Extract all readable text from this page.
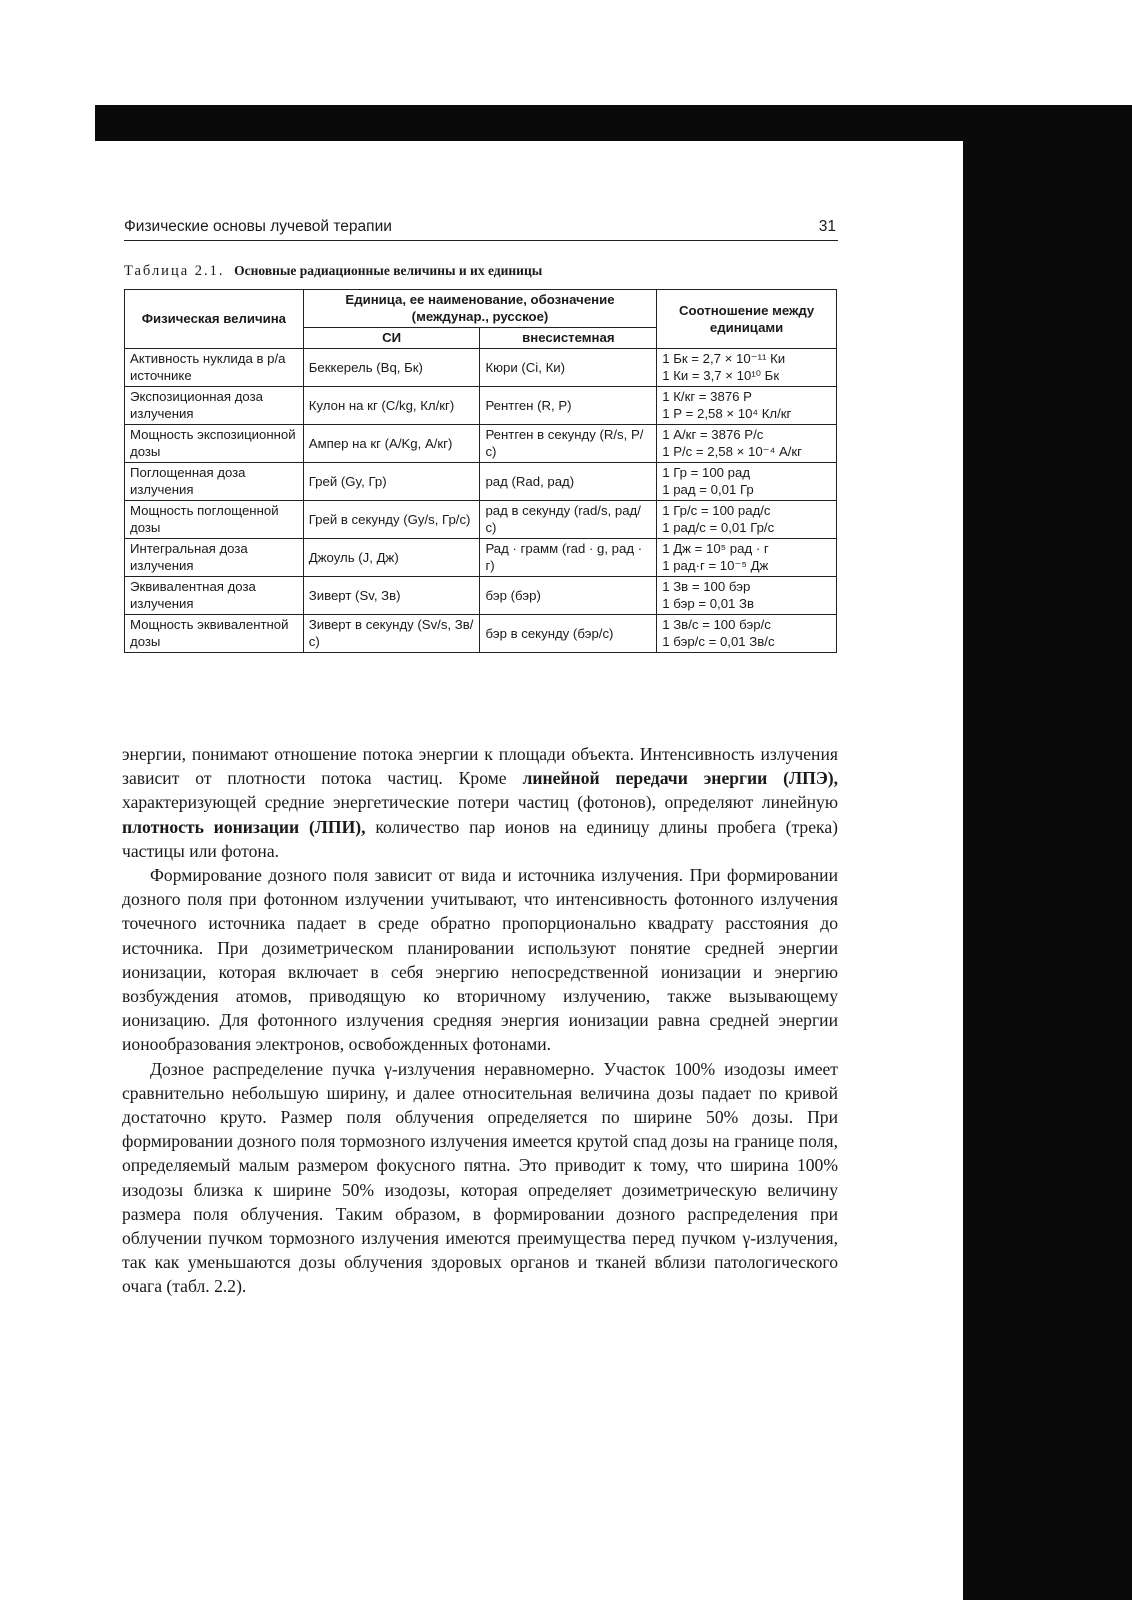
Физические основы лучевой терапии	31
Таблица 2.1. Основные радиационные величины и их единицы
Физическая величина	Единица, ее наименование, обозначение (междунар., русское)		Соотношение между единицами
	СИ	внесистемная	
Активность нуклида в р/а источнике	Беккерель (Bq, Бк)	Кюри (Ci, Ки)	1 Бк = 2,7 × 10⁻¹¹ Ки
1 Ки = 3,7 × 10¹⁰ Бк

Экспозиционная доза излучения	Кулон на кг (C/kg, Кл/кг)	Рентген (R, Р)	1 К/кг = 3876 Р
1 Р = 2,58 × 10⁴ Кл/кг

Мощность экспозиционной дозы	Ампер на кг (A/Kg, А/кг)	Рентген в секунду (R/s, Р/с)	1 А/кг = 3876 Р/с
1 Р/с = 2,58 × 10⁻⁴ А/кг

Поглощенная доза излучения	Грей (Gy, Гр)	рад (Rad, рад)	1 Гр = 100 рад
1 рад = 0,01 Гр

Мощность поглощенной дозы	Грей в секунду (Gy/s, Гр/с)	рад в секунду (rad/s, рад/с)	1 Гр/с = 100 рад/с
1 рад/с = 0,01 Гр/с

Интегральная доза излучения	Джоуль (J, Дж)	Рад · грамм (rad · g, рад · г)	1 Дж = 10⁵ рад · г
1 рад·г = 10⁻⁵ Дж

Эквивалентная доза излучения	Зиверт (Sv, Зв)	бэр (бэр)	1 Зв = 100 бэр
1 бэр = 0,01 Зв

Мощность эквивалентной дозы	Зиверт в секунду (Sv/s, Зв/с)	бэр в секунду (бэр/с)	1 Зв/с = 100 бэр/с
1 бэр/с = 0,01 Зв/с

энергии, понимают отношение потока энергии к площади объекта. Интенсивность излучения зависит от плотности потока частиц. Кроме линейной передачи энергии (ЛПЭ), характеризующей средние энергетические потери частиц (фотонов), определяют линейную плотность ионизации (ЛПИ), количество пар ионов на единицу длины пробега (трека) частицы или фотона.

Формирование дозного поля зависит от вида и источника излучения. При формировании дозного поля при фотонном излучении учитывают, что интенсивность фотонного излучения точечного источника падает в среде обратно пропорционально квадрату расстояния до источника. При дозиметрическом планировании используют понятие средней энергии ионизации, которая включает в себя энергию непосредственной ионизации и энергию возбуждения атомов, приводящую ко вторичному излучению, также вызывающему ионизацию. Для фотонного излучения средняя энергия ионизации равна средней энергии ионообразования электронов, освобожденных фотонами.

Дозное распределение пучка γ-излучения неравномерно. Участок 100% изодозы имеет сравнительно небольшую ширину, и далее относительная величина дозы падает по кривой достаточно круто. Размер поля облучения определяется по ширине 50% дозы. При формировании дозного поля тормозного излучения имеется крутой спад дозы на границе поля, определяемый малым размером фокусного пятна. Это приводит к тому, что ширина 100% изодозы близка к ширине 50% изодозы, которая определяет дозиметрическую величину размера поля облучения. Таким образом, в формировании дозного распределения при облучении пучком тормозного излучения имеются преимущества перед пучком γ-излучения, так как уменьшаются дозы облучения здоровых органов и тканей вблизи патологического очага (табл. 2.2).
